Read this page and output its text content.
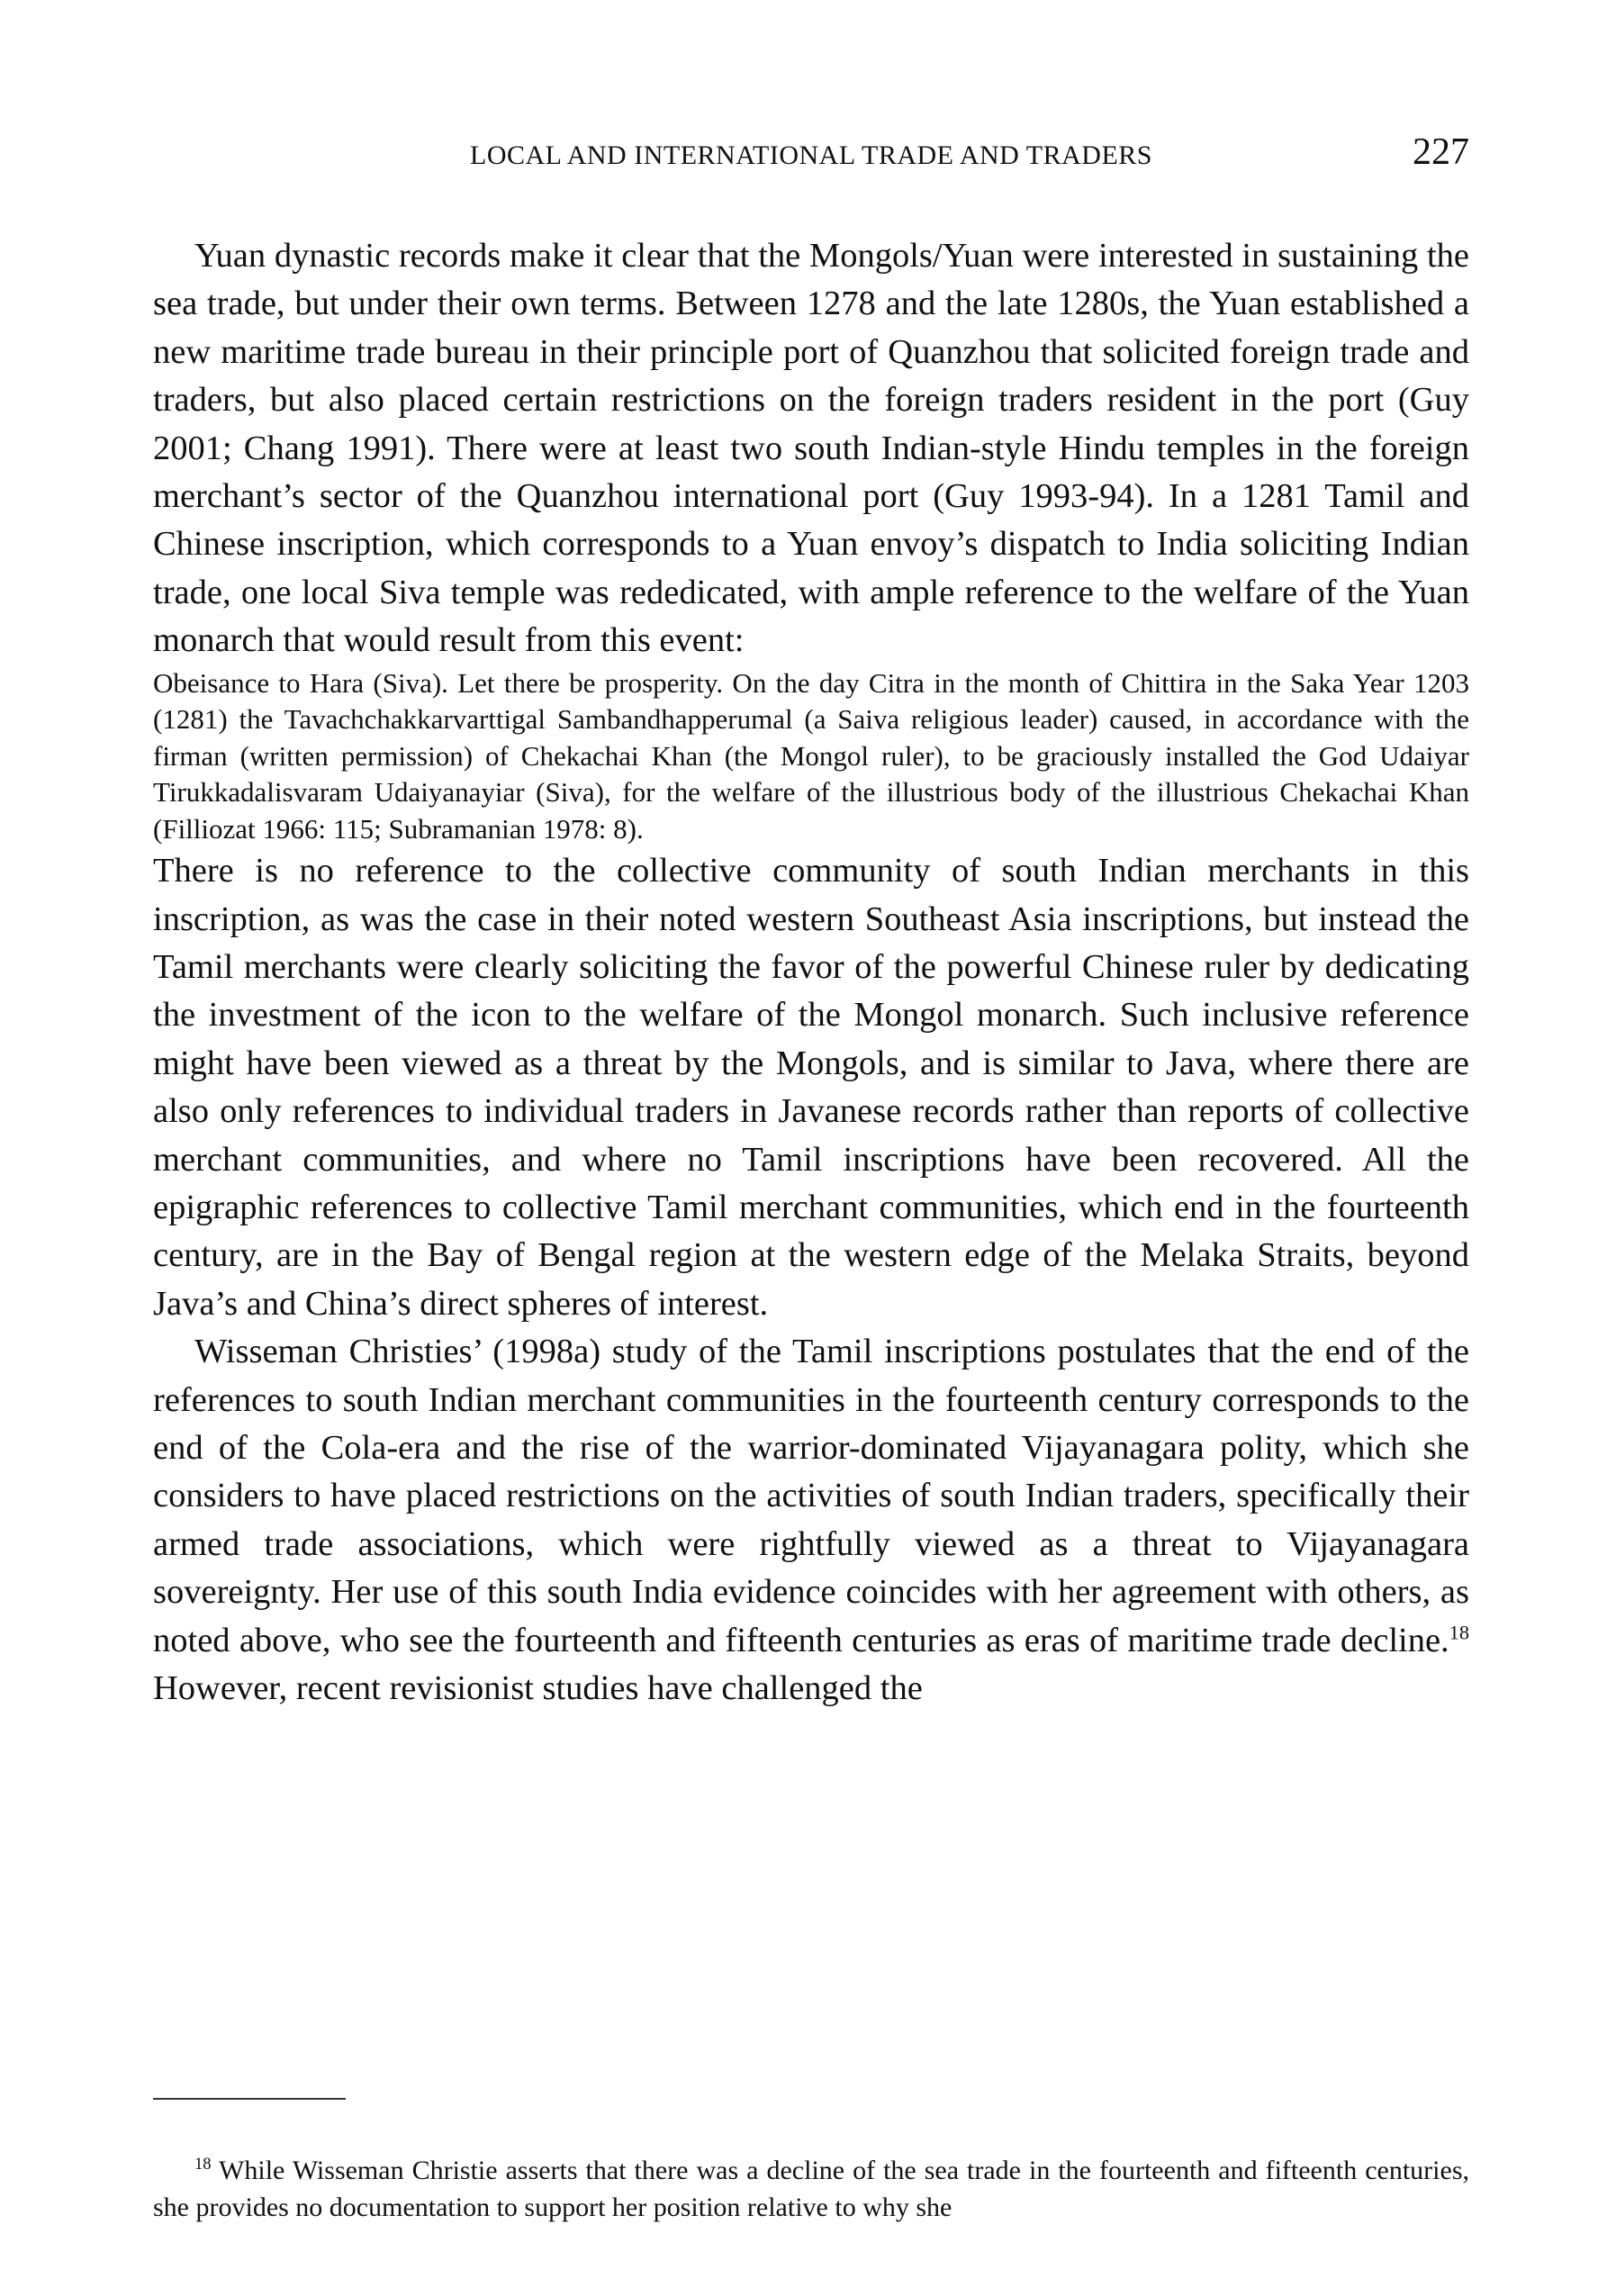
LOCAL AND INTERNATIONAL TRADE AND TRADERS	227

Yuan dynastic records make it clear that the Mongols/Yuan were interested in sustaining the sea trade, but under their own terms. Between 1278 and the late 1280s, the Yuan established a new maritime trade bureau in their principle port of Quanzhou that solicited foreign trade and traders, but also placed certain restrictions on the foreign traders resident in the port (Guy 2001; Chang 1991). There were at least two south Indian-style Hindu temples in the foreign merchant’s sector of the Quanzhou international port (Guy 1993-94). In a 1281 Tamil and Chinese inscription, which corresponds to a Yuan envoy’s dispatch to India soliciting Indian trade, one local Siva temple was rededicated, with ample reference to the welfare of the Yuan monarch that would result from this event:

Obeisance to Hara (Siva). Let there be prosperity. On the day Citra in the month of Chittira in the Saka Year 1203 (1281) the Tavachchakkarvarttigal Sambandhapperumal (a Saiva religious leader) caused, in accordance with the firman (written permission) of Chekachai Khan (the Mongol ruler), to be graciously installed the God Udaiyar Tirukkadalisvaram Udaiyanayiar (Siva), for the welfare of the illustrious body of the illustrious Chekachai Khan (Filliozat 1966: 115; Subramanian 1978: 8).

There is no reference to the collective community of south Indian merchants in this inscription, as was the case in their noted western Southeast Asia inscriptions, but instead the Tamil merchants were clearly soliciting the favor of the powerful Chinese ruler by dedicating the investment of the icon to the welfare of the Mongol monarch. Such inclusive reference might have been viewed as a threat by the Mongols, and is similar to Java, where there are also only references to individual traders in Javanese records rather than reports of collective merchant communities, and where no Tamil inscriptions have been recovered. All the epigraphic references to collective Tamil merchant communities, which end in the fourteenth century, are in the Bay of Bengal region at the western edge of the Melaka Straits, beyond Java’s and China’s direct spheres of interest.

Wisseman Christies’ (1998a) study of the Tamil inscriptions postulates that the end of the references to south Indian merchant communities in the fourteenth century corresponds to the end of the Cola-era and the rise of the warrior-dominated Vijayanagara polity, which she considers to have placed restrictions on the activities of south Indian traders, specifically their armed trade associations, which were rightfully viewed as a threat to Vijayanagara sovereignty. Her use of this south India evidence coincides with her agreement with others, as noted above, who see the fourteenth and fifteenth centuries as eras of maritime trade decline.$^{18}$ However, recent revisionist studies have challenged the

$^{18}$ While Wisseman Christie asserts that there was a decline of the sea trade in the fourteenth and fifteenth centuries, she provides no documentation to support her position relative to why she
